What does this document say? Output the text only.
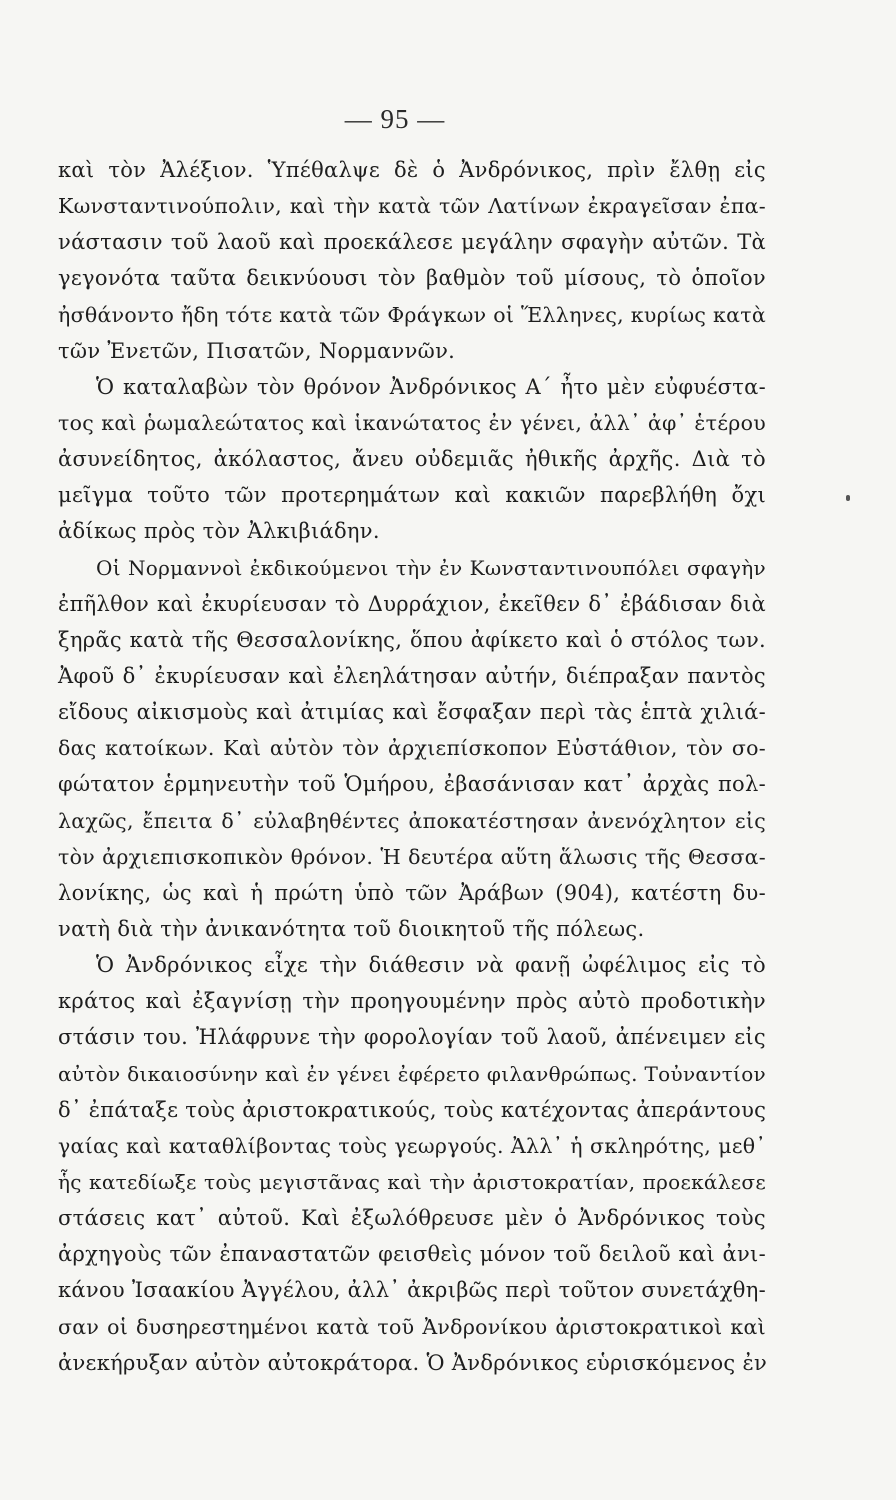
— 95 —
καὶ τὸν Ἀλέξιον. Ὑπέθαλψε δὲ ὁ Ἀνδρόνικος, πρὶν ἔλθῃ εἰς
Κωνσταντινούπολιν, καὶ τὴν κατὰ τῶν Λατίνων ἐκραγεῖσαν ἐπα-
νάστασιν τοῦ λαοῦ καὶ προεκάλεσε μεγάλην σφαγὴν αὐτῶν. Τὰ
γεγονότα ταῦτα δεικνύουσι τὸν βαθμὸν τοῦ μίσους, τὸ ὁποῖον
ἠσθάνοντο ἤδη τότε κατὰ τῶν Φράγκων οἱ Ἕλληνες, κυρίως κατὰ
τῶν Ἐνετῶν, Πισατῶν, Νορμαννῶν.
Ὁ καταλαβὼν τὸν θρόνον Ἀνδρόνικος Α΄ ἦτο μὲν εὐφυέστα-
τος καὶ ῥωμαλεώτατος καὶ ἱκανώτατος ἐν γένει, ἀλλ᾽ ἀφ᾽ ἑτέρου
ἀσυνείδητος, ἀκόλαστος, ἄνευ οὐδεμιᾶς ἠθικῆς ἀρχῆς. Διὰ τὸ
μεῖγμα τοῦτο τῶν προτερημάτων καὶ κακιῶν παρεβλήθη ὄχι
ἀδίκως πρὸς τὸν Ἀλκιβιάδην.
Οἱ Νορμαννοὶ ἐκδικούμενοι τὴν ἐν Κωνσταντινουπόλει σφαγὴν
ἐπῆλθον καὶ ἐκυρίευσαν τὸ Δυρράχιον, ἐκεῖθεν δ᾽ ἐβάδισαν διὰ
ξηρᾶς κατὰ τῆς Θεσσαλονίκης, ὅπου ἀφίκετο καὶ ὁ στόλος των.
Ἀφοῦ δ᾽ ἐκυρίευσαν καὶ ἐλεηλάτησαν αὐτήν, διέπραξαν παντὸς
εἴδους αἰκισμοὺς καὶ ἀτιμίας καὶ ἔσφαξαν περὶ τὰς ἑπτὰ χιλιά-
δας κατοίκων. Καὶ αὐτὸν τὸν ἀρχιεπίσκοπον Εὐστάθιον, τὸν σο-
φώτατον ἑρμηνευτὴν τοῦ Ὁμήρου, ἐβασάνισαν κατ᾽ ἀρχὰς πολ-
λαχῶς, ἔπειτα δ᾽ εὐλαβηθέντες ἀποκατέστησαν ἀνενόχλητον εἰς
τὸν ἀρχιεπισκοπικὸν θρόνον. Ἡ δευτέρα αὕτη ἅλωσις τῆς Θεσσα-
λονίκης, ὡς καὶ ἡ πρώτη ὑπὸ τῶν Ἀράβων (904), κατέστη δυ-
νατὴ διὰ τὴν ἀνικανότητα τοῦ διοικητοῦ τῆς πόλεως.
Ὁ Ἀνδρόνικος εἶχε τὴν διάθεσιν νὰ φανῇ ὠφέλιμος εἰς τὸ
κράτος καὶ ἐξαγνίσῃ τὴν προηγουμένην πρὸς αὐτὸ προδοτικὴν
στάσιν του. Ἠλάφρυνε τὴν φορολογίαν τοῦ λαοῦ, ἀπένειμεν εἰς
αὐτὸν δικαιοσύνην καὶ ἐν γένει ἐφέρετο φιλανθρώπως. Τοὐναντίον
δ᾽ ἐπάταξε τοὺς ἀριστοκρατικούς, τοὺς κατέχοντας ἀπεράντους
γαίας καὶ καταθλίβοντας τοὺς γεωργούς. Ἀλλ᾽ ἡ σκληρότης, μεθ᾽
ἧς κατεδίωξε τοὺς μεγιστᾶνας καὶ τὴν ἀριστοκρατίαν, προεκάλεσε
στάσεις κατ᾽ αὐτοῦ. Καὶ ἐξωλόθρευσε μὲν ὁ Ἀνδρόνικος τοὺς
ἀρχηγοὺς τῶν ἐπαναστατῶν φεισθεὶς μόνον τοῦ δειλοῦ καὶ ἀνι-
κάνου Ἰσαακίου Ἀγγέλου, ἀλλ᾽ ἀκριβῶς περὶ τοῦτον συνετάχθη-
σαν οἱ δυσηρεστημένοι κατὰ τοῦ Ἀνδρονίκου ἀριστοκρατικοὶ καὶ
ἀνεκήρυξαν αὐτὸν αὐτοκράτορα. Ὁ Ἀνδρόνικος εὑρισκόμενος ἐν
